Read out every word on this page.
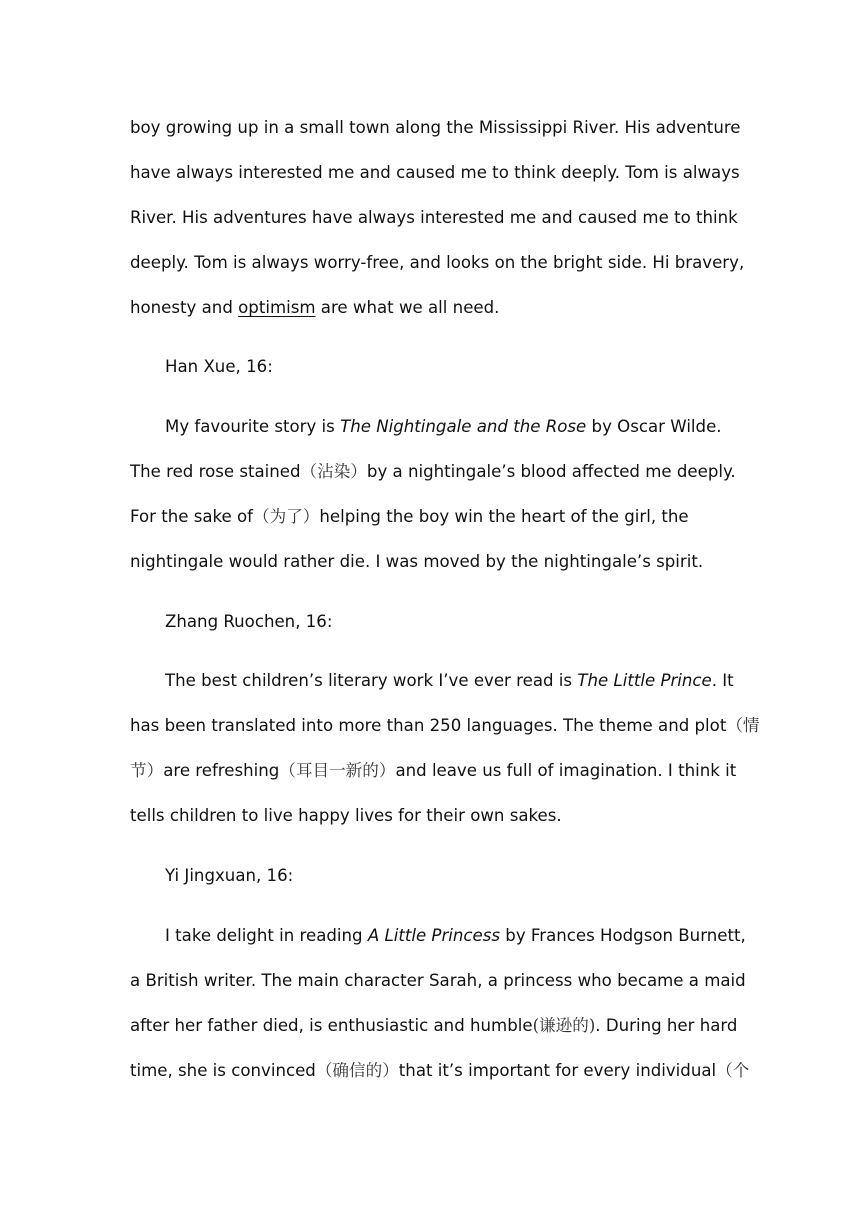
boy growing up in a small town along the Mississippi River. His adventure
have always interested me and caused me to think deeply. Tom is always
River. His adventures have always interested me and caused me to think
deeply. Tom is always worry-free, and looks on the bright side. Hi bravery,
honesty and optimism are what we all need.
Han Xue, 16:
My favourite story is The Nightingale and the Rose by Oscar Wilde.
The red rose stained（沾染）by a nightingale’s blood affected me deeply.
For the sake of（为了）helping the boy win the heart of the girl, the
nightingale would rather die. I was moved by the nightingale’s spirit.
Zhang Ruochen, 16:
The best children’s literary work I’ve ever read is The Little Prince. It
has been translated into more than 250 languages. The theme and plot（情
节）are refreshing（耳目一新的）and leave us full of imagination. I think it
tells children to live happy lives for their own sakes.
Yi Jingxuan, 16:
I take delight in reading A Little Princess by Frances Hodgson Burnett,
a British writer. The main character Sarah, a princess who became a maid
after her father died, is enthusiastic and humble(谦逊的). During her hard
time, she is convinced（确信的）that it’s important for every individual（个
